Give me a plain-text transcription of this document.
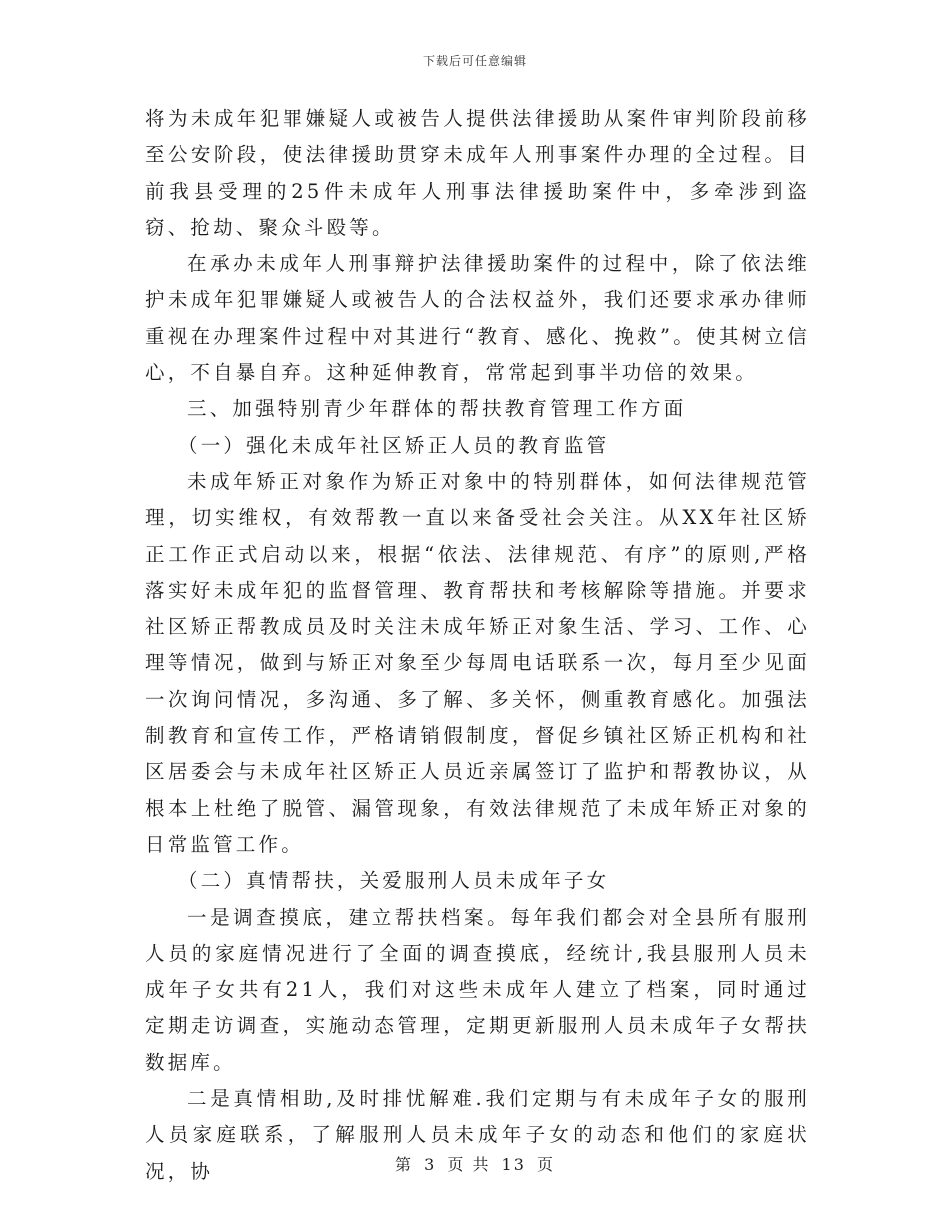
下载后可任意编辑

将为未成年犯罪嫌疑人或被告人提供法律援助从案件审判阶段前移至公安阶段，使法律援助贯穿未成年人刑事案件办理的全过程。目前我县受理的25件未成年人刑事法律援助案件中，多牵涉到盗窃、抢劫、聚众斗殴等。

在承办未成年人刑事辩护法律援助案件的过程中，除了依法维护未成年犯罪嫌疑人或被告人的合法权益外，我们还要求承办律师重视在办理案件过程中对其进行“教育、感化、挽救”。使其树立信心，不自暴自弃。这种延伸教育，常常起到事半功倍的效果。

三、加强特别青少年群体的帮扶教育管理工作方面

（一）强化未成年社区矫正人员的教育监管

未成年矫正对象作为矫正对象中的特别群体，如何法律规范管理，切实维权，有效帮教一直以来备受社会关注。从XX年社区矫正工作正式启动以来，根据“依法、法律规范、有序”的原则,严格落实好未成年犯的监督管理、教育帮扶和考核解除等措施。并要求社区矫正帮教成员及时关注未成年矫正对象生活、学习、工作、心理等情况，做到与矫正对象至少每周电话联系一次，每月至少见面一次询问情况，多沟通、多了解、多关怀，侧重教育感化。加强法制教育和宣传工作，严格请销假制度，督促乡镇社区矫正机构和社区居委会与未成年社区矫正人员近亲属签订了监护和帮教协议，从根本上杜绝了脱管、漏管现象，有效法律规范了未成年矫正对象的日常监管工作。

（二）真情帮扶，关爱服刑人员未成年子女

一是调查摸底，建立帮扶档案。每年我们都会对全县所有服刑人员的家庭情况进行了全面的调查摸底，经统计,我县服刑人员未成年子女共有21人，我们对这些未成年人建立了档案，同时通过定期走访调查，实施动态管理，定期更新服刑人员未成年子女帮扶数据库。

二是真情相助,及时排忧解难.我们定期与有未成年子女的服刑人员家庭联系，了解服刑人员未成年子女的动态和他们的家庭状况，协	第 3 页 共 13 页
